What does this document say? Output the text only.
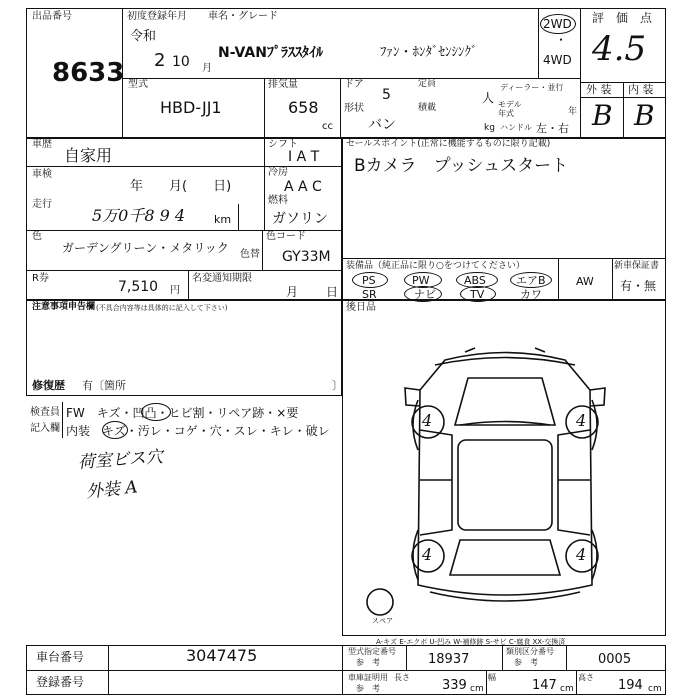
出品番号
8633
初度登録年月 車名・グレード
令和
2 10 月
N-VANﾌﾟﾗｽｽﾀｲﾙ	ﾌｧﾝ・ﾎﾝﾀﾞｾﾝｼﾝｸﾞ
2WD
・
4WD
評　価　点
4.5
外 装 内 装
B B
型式
HBD-JJ1
排気量
658
cc
ドア
5
定員
人
形状
バン
積載
kg
ディーラー・並行
モデル年式	年
ハンドル 左・右
車歴
自家用
シフト
I A T
車検
年　　月(　　日)
冷房
A A C
走行
5万0千8 9 4	km
燃料
ガソリン
色
ガーデングリーン・メタリック	色替
色コード
GY33M
R券
7,510 円
名変通知期限
月 日
セールスポイント(正常に機能するものに限り記載)
Bカメラ　プッシュスタート
装備品（純正品に限り○をつけてください）
PS	PW	ABS	エアB
SR	ナビ	TV	カワ
AW
新車保証書
有・無
注意事項申告欄 (不具合内容等は具体的に記入して下さい)
修復歴 有〔箇所	〕
後日品
検査員
記入欄
FW　キズ・凹凸・ヒビ割・リペア跡・×要
内装　キズ・汚レ・コゲ・穴・スレ・キレ・破レ
荷室ビス穴
外装 A
4	4
4	4
スペア
A-キズ E-エクボ U-凹み W-補修跡 S-サビ C-腐食 XX-交換済
車台番号	3047475
登録番号
型式指定番号
参　考	18937
類別区分番号
参　考	0005
車庫証明用
参　考
長さ
339 cm
幅
147 cm
高さ
194 cm
